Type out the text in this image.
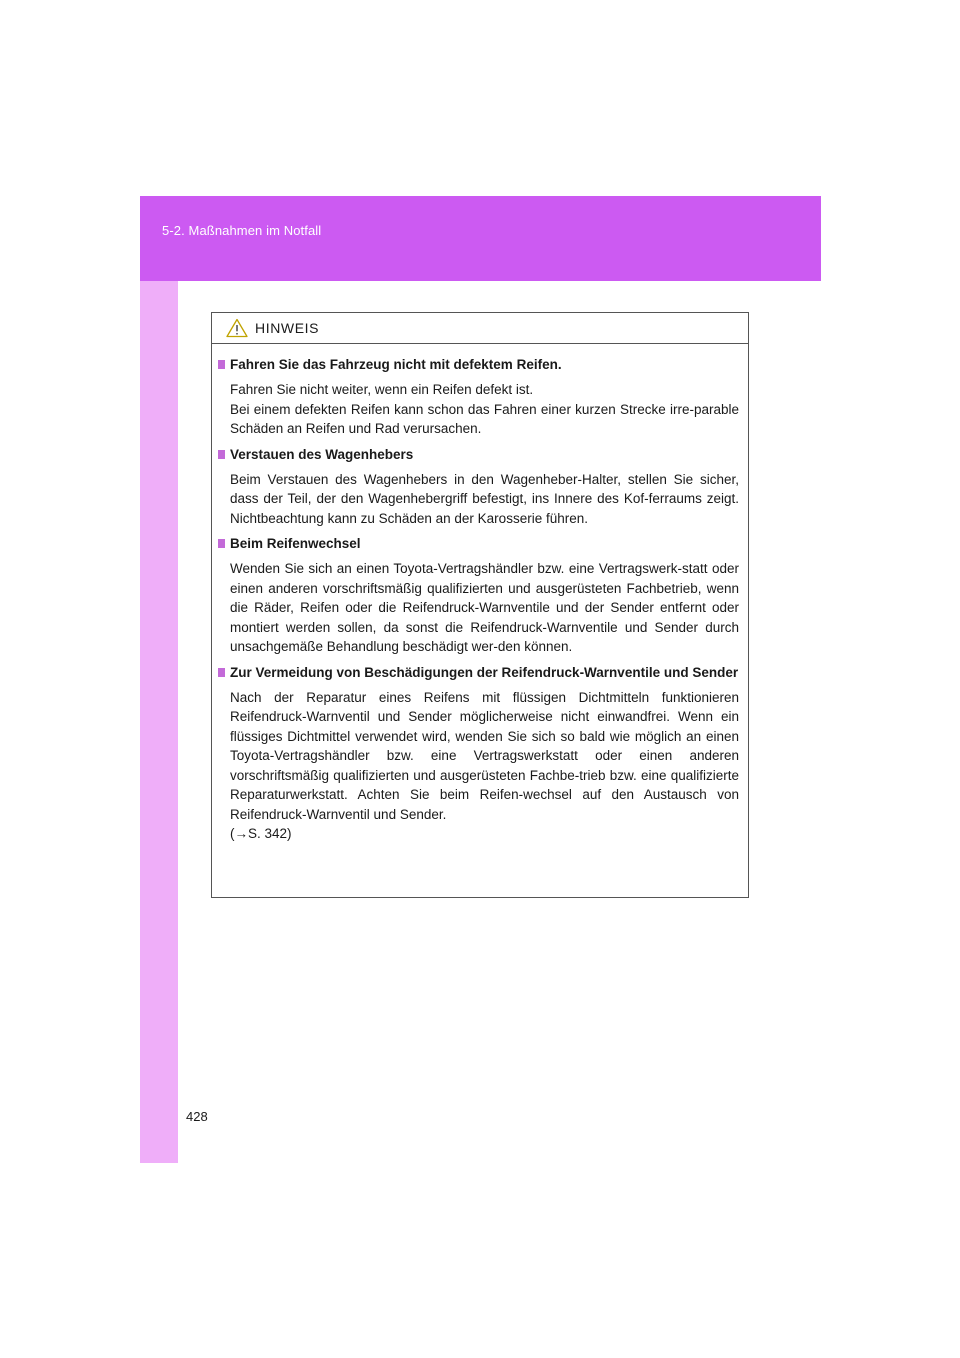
5-2. Maßnahmen im Notfall
428
HINWEIS
Fahren Sie das Fahrzeug nicht mit defektem Reifen.

Fahren Sie nicht weiter, wenn ein Reifen defekt ist.

Bei einem defekten Reifen kann schon das Fahren einer kurzen Strecke irre-parable Schäden an Reifen und Rad verursachen.

Verstauen des Wagenhebers

Beim Verstauen des Wagenhebers in den Wagenheber-Halter, stellen Sie sicher, dass der Teil, der den Wagenhebergriff befestigt, ins Innere des Kof-ferraums zeigt. Nichtbeachtung kann zu Schäden an der Karosserie führen.

Beim Reifenwechsel

Wenden Sie sich an einen Toyota-Vertragshändler bzw. eine Vertragswerk-statt oder einen anderen vorschriftsmäßig qualifizierten und ausgerüsteten Fachbetrieb, wenn die Räder, Reifen oder die Reifendruck-Warnventile und der Sender entfernt oder montiert werden sollen, da sonst die Reifendruck-Warnventile und Sender durch unsachgemäße Behandlung beschädigt wer-den können.

Zur Vermeidung von Beschädigungen der Reifendruck-Warnventile und Sender

Nach der Reparatur eines Reifens mit flüssigen Dichtmitteln funktionieren Reifendruck-Warnventil und Sender möglicherweise nicht einwandfrei. Wenn ein flüssiges Dichtmittel verwendet wird, wenden Sie sich so bald wie möglich an einen Toyota-Vertragshändler bzw. eine Vertragswerkstatt oder einen anderen vorschriftsmäßig qualifizierten und ausgerüsteten Fachbe-trieb bzw. eine qualifizierte Reparaturwerkstatt. Achten Sie beim Reifen-wechsel auf den Austausch von Reifendruck-Warnventil und Sender.

(→S. 342)
